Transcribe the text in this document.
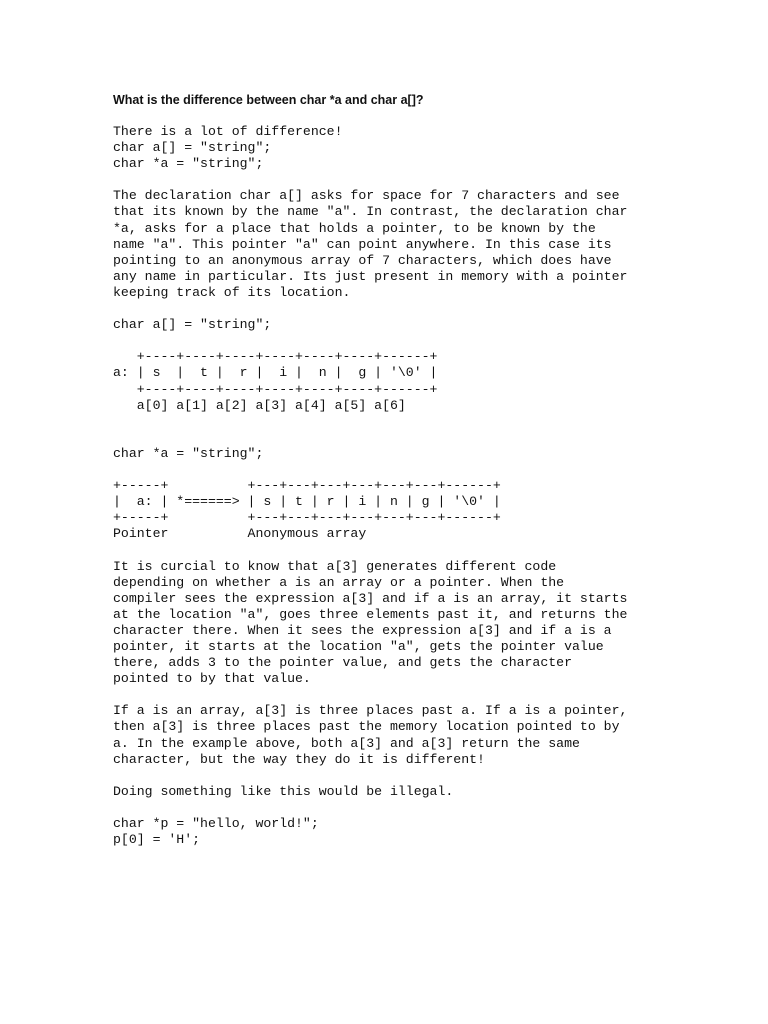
What is the difference between char *a and char a[]?
There is a lot of difference!
char a[] = "string";
char *a = "string";
The declaration char a[] asks for space for 7 characters and see
that its known by the name "a". In contrast, the declaration char
*a, asks for a place that holds a pointer, to be known by the
name "a". This pointer "a" can point anywhere. In this case its
pointing to an anonymous array of 7 characters, which does have
any name in particular. Its just present in memory with a pointer
keeping track of its location.
char a[] = "string";
+----+----+----+----+----+----+------+
a: | s  |  t |  r |  i |  n |  g | '\0' |
+----+----+----+----+----+----+------+
a[0] a[1] a[2] a[3] a[4] a[5] a[6]
char *a = "string";
+-----+          +---+---+---+---+---+---+------+
|  a: | *======> | s | t | r | i | n | g | '\0' |
+-----+          +---+---+---+---+---+---+------+
Pointer          Anonymous array
It is curcial to know that a[3] generates different code
depending on whether a is an array or a pointer. When the
compiler sees the expression a[3] and if a is an array, it starts
at the location "a", goes three elements past it, and returns the
character there. When it sees the expression a[3] and if a is a
pointer, it starts at the location "a", gets the pointer value
there, adds 3 to the pointer value, and gets the character
pointed to by that value.
If a is an array, a[3] is three places past a. If a is a pointer,
then a[3] is three places past the memory location pointed to by
a. In the example above, both a[3] and a[3] return the same
character, but the way they do it is different!
Doing something like this would be illegal.
char *p = "hello, world!";
p[0] = 'H';
